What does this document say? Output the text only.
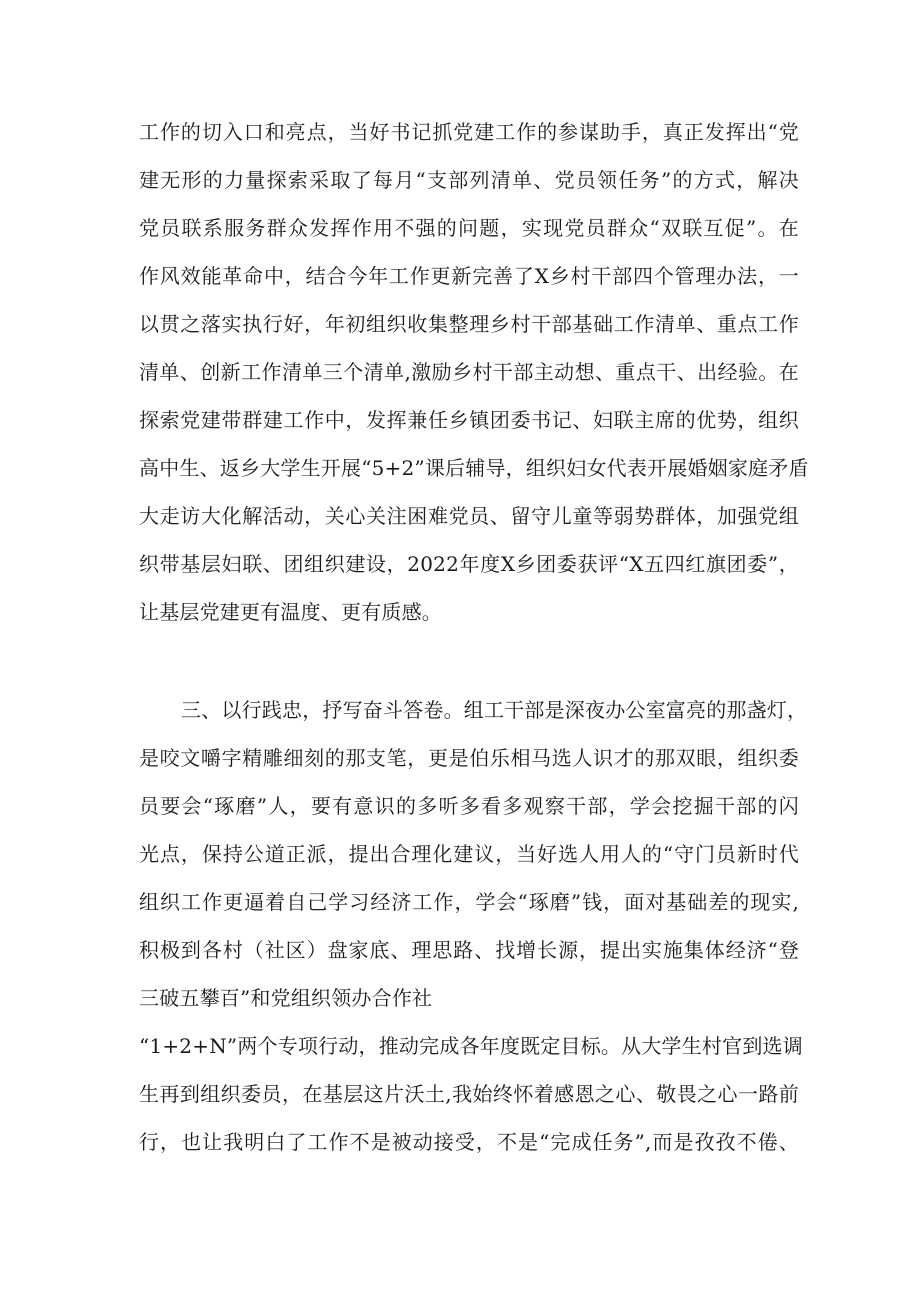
工作的切入口和亮点，当好书记抓党建工作的参谋助手，真正发挥出“党
建无形的力量探索采取了每月“支部列清单、党员领任务”的方式，解决
党员联系服务群众发挥作用不强的问题，实现党员群众“双联互促”。在
作风效能革命中，结合今年工作更新完善了X乡村干部四个管理办法，一
以贯之落实执行好，年初组织收集整理乡村干部基础工作清单、重点工作
清单、创新工作清单三个清单,激励乡村干部主动想、重点干、出经验。在
探索党建带群建工作中，发挥兼任乡镇团委书记、妇联主席的优势，组织
高中生、返乡大学生开展“5+2”课后辅导，组织妇女代表开展婚姻家庭矛盾
大走访大化解活动，关心关注困难党员、留守儿童等弱势群体，加强党组
织带基层妇联、团组织建设，2022年度X乡团委获评“X五四红旗团委”，
让基层党建更有温度、更有质感。
三、以行践忠，抒写奋斗答卷。组工干部是深夜办公室富亮的那盏灯，
是咬文嚼字精雕细刻的那支笔，更是伯乐相马选人识才的那双眼，组织委
员要会“琢磨”人，要有意识的多听多看多观察干部，学会挖掘干部的闪
光点，保持公道正派，提出合理化建议，当好选人用人的“守门员新时代
组织工作更逼着自己学习经济工作，学会“琢磨”钱，面对基础差的现实,
积极到各村（社区）盘家底、理思路、找增长源，提出实施集体经济“登
三破五攀百”和党组织领办合作社
“1+2+N”两个专项行动，推动完成各年度既定目标。从大学生村官到选调
生再到组织委员，在基层这片沃土,我始终怀着感恩之心、敬畏之心一路前
行，也让我明白了工作不是被动接受，不是“完成任务”,而是孜孜不倦、
